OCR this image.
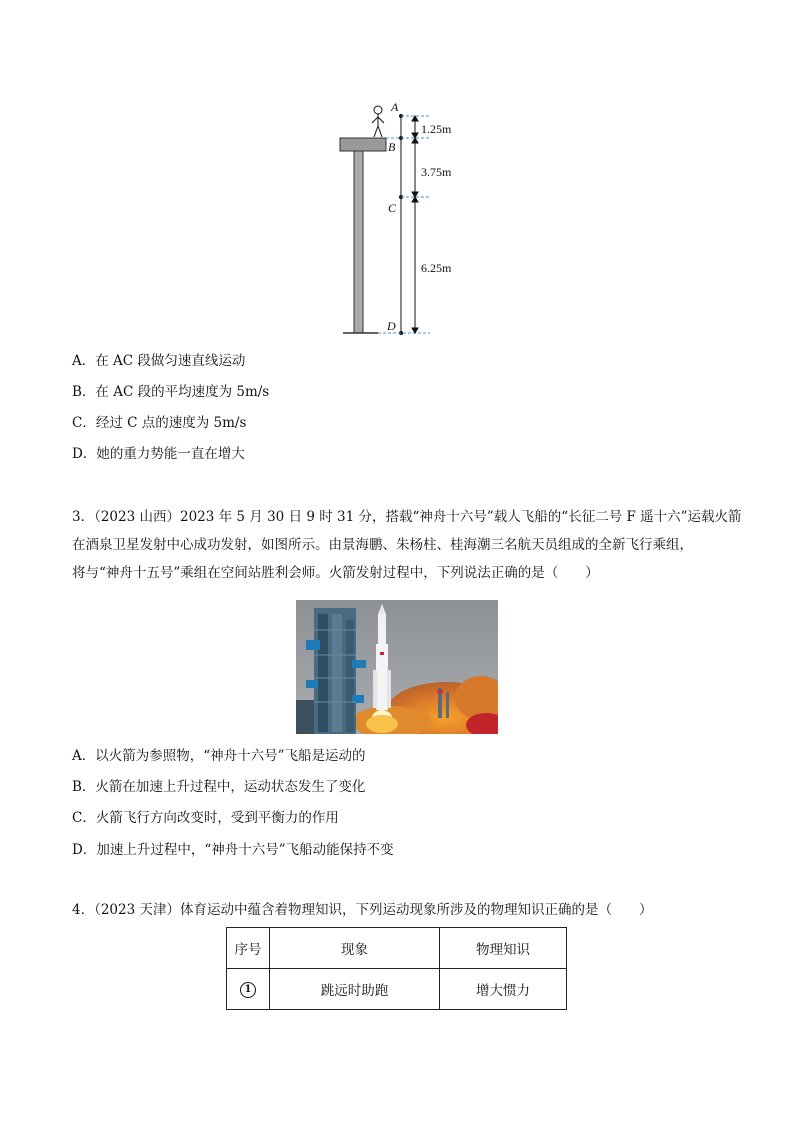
A
B
C
D
1.25m
3.75m
6.25m
A．在 AC 段做匀速直线运动
B．在 AC 段的平均速度为 5m/s
C．经过 C 点的速度为 5m/s
D．她的重力势能一直在增大
3．（2023 山西）2023 年 5 月 30 日 9 时 31 分，搭载“神舟十六号”载人飞船的“长征二号 F 遥十六”运载火箭
在酒泉卫星发射中心成功发射，如图所示。由景海鹏、朱杨柱、桂海潮三名航天员组成的全新飞行乘组，
将与“神舟十五号”乘组在空间站胜利会师。火箭发射过程中，下列说法正确的是（　　）
A．以火箭为参照物，“神舟十六号”飞船是运动的
B．火箭在加速上升过程中，运动状态发生了变化
C．火箭飞行方向改变时，受到平衡力的作用
D．加速上升过程中，“神舟十六号”飞船动能保持不变
4．（2023 天津）体育运动中蕴含着物理知识，下列运动现象所涉及的物理知识正确的是（　　）
序号	现象	物理知识
1	跳远时助跑	增大惯力
